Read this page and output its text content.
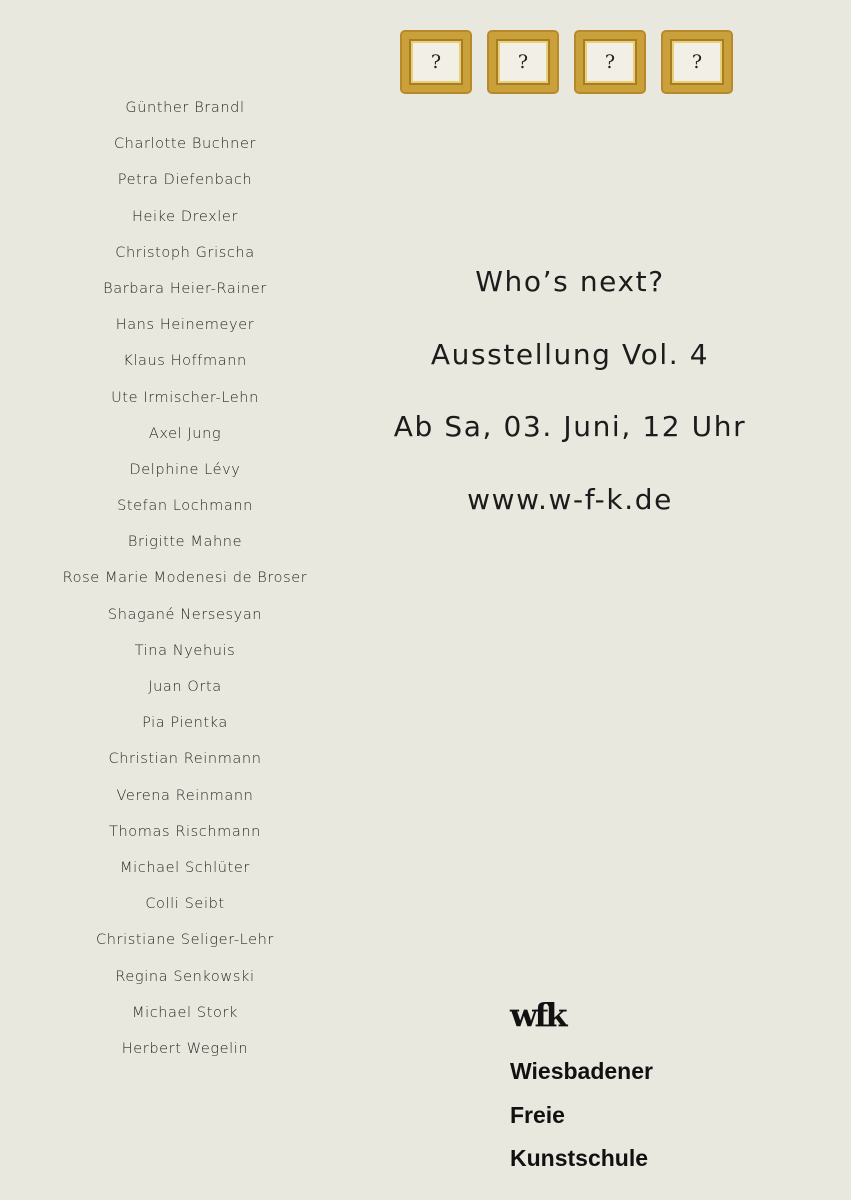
?	?	?	?
Günther Brandl
Charlotte Buchner
Petra Diefenbach
Heike Drexler
Christoph Grischa
Barbara Heier-Rainer
Hans Heinemeyer
Klaus Hoffmann
Ute Irmischer-Lehn
Axel Jung
Delphine Lévy
Stefan Lochmann
Brigitte Mahne
Rose Marie Modenesi de Broser
Shagané Nersesyan
Tina Nyehuis
Juan Orta
Pia Pientka
Christian Reinmann
Verena Reinmann
Thomas Rischmann
Michael Schlüter
Colli Seibt
Christiane Seliger-Lehr
Regina Senkowski
Michael Stork
Herbert Wegelin
Who’s next?
Ausstellung Vol. 4
Ab Sa, 03. Juni, 12 Uhr
www.w-f-k.de
wfk
Wiesbadener
Freie
Kunstschule
